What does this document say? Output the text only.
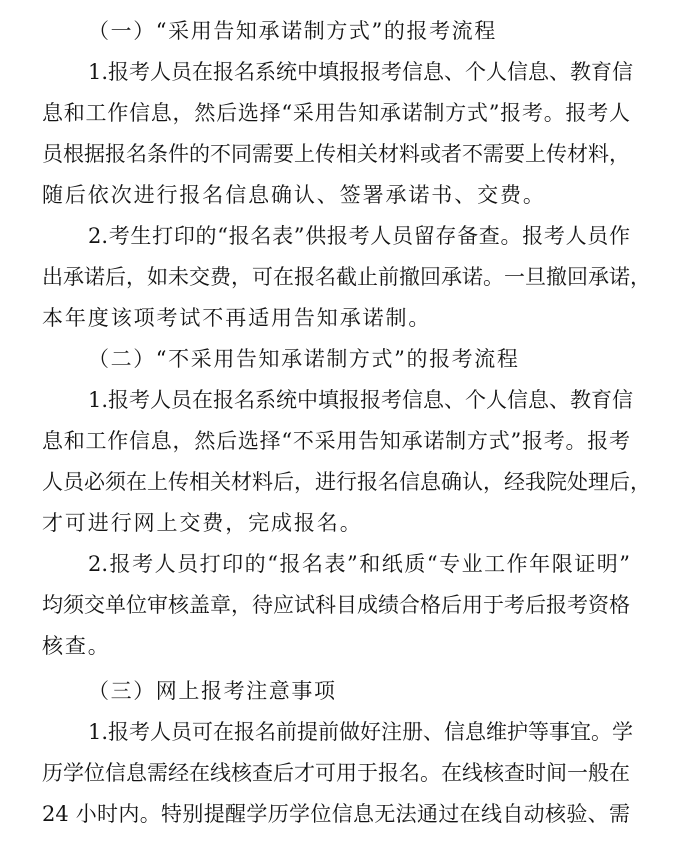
（一）“采用告知承诺制方式”的报考流程
1.报考人员在报名系统中填报报考信息、个人信息、教育信
息和工作信息，然后选择“采用告知承诺制方式”报考。报考人
员根据报名条件的不同需要上传相关材料或者不需要上传材料，
随后依次进行报名信息确认、签署承诺书、交费。
2.考生打印的“报名表”供报考人员留存备查。报考人员作
出承诺后，如未交费，可在报名截止前撤回承诺。一旦撤回承诺，
本年度该项考试不再适用告知承诺制。
（二）“不采用告知承诺制方式”的报考流程
1.报考人员在报名系统中填报报考信息、个人信息、教育信
息和工作信息，然后选择“不采用告知承诺制方式”报考。报考
人员必须在上传相关材料后，进行报名信息确认，经我院处理后，
才可进行网上交费，完成报名。
2.报考人员打印的“报名表”和纸质“专业工作年限证明”
均须交单位审核盖章，待应试科目成绩合格后用于考后报考资格
核查。
（三）网上报考注意事项
1.报考人员可在报名前提前做好注册、信息维护等事宜。学
历学位信息需经在线核查后才可用于报名。在线核查时间一般在
24 小时内。特别提醒学历学位信息无法通过在线自动核验、需
